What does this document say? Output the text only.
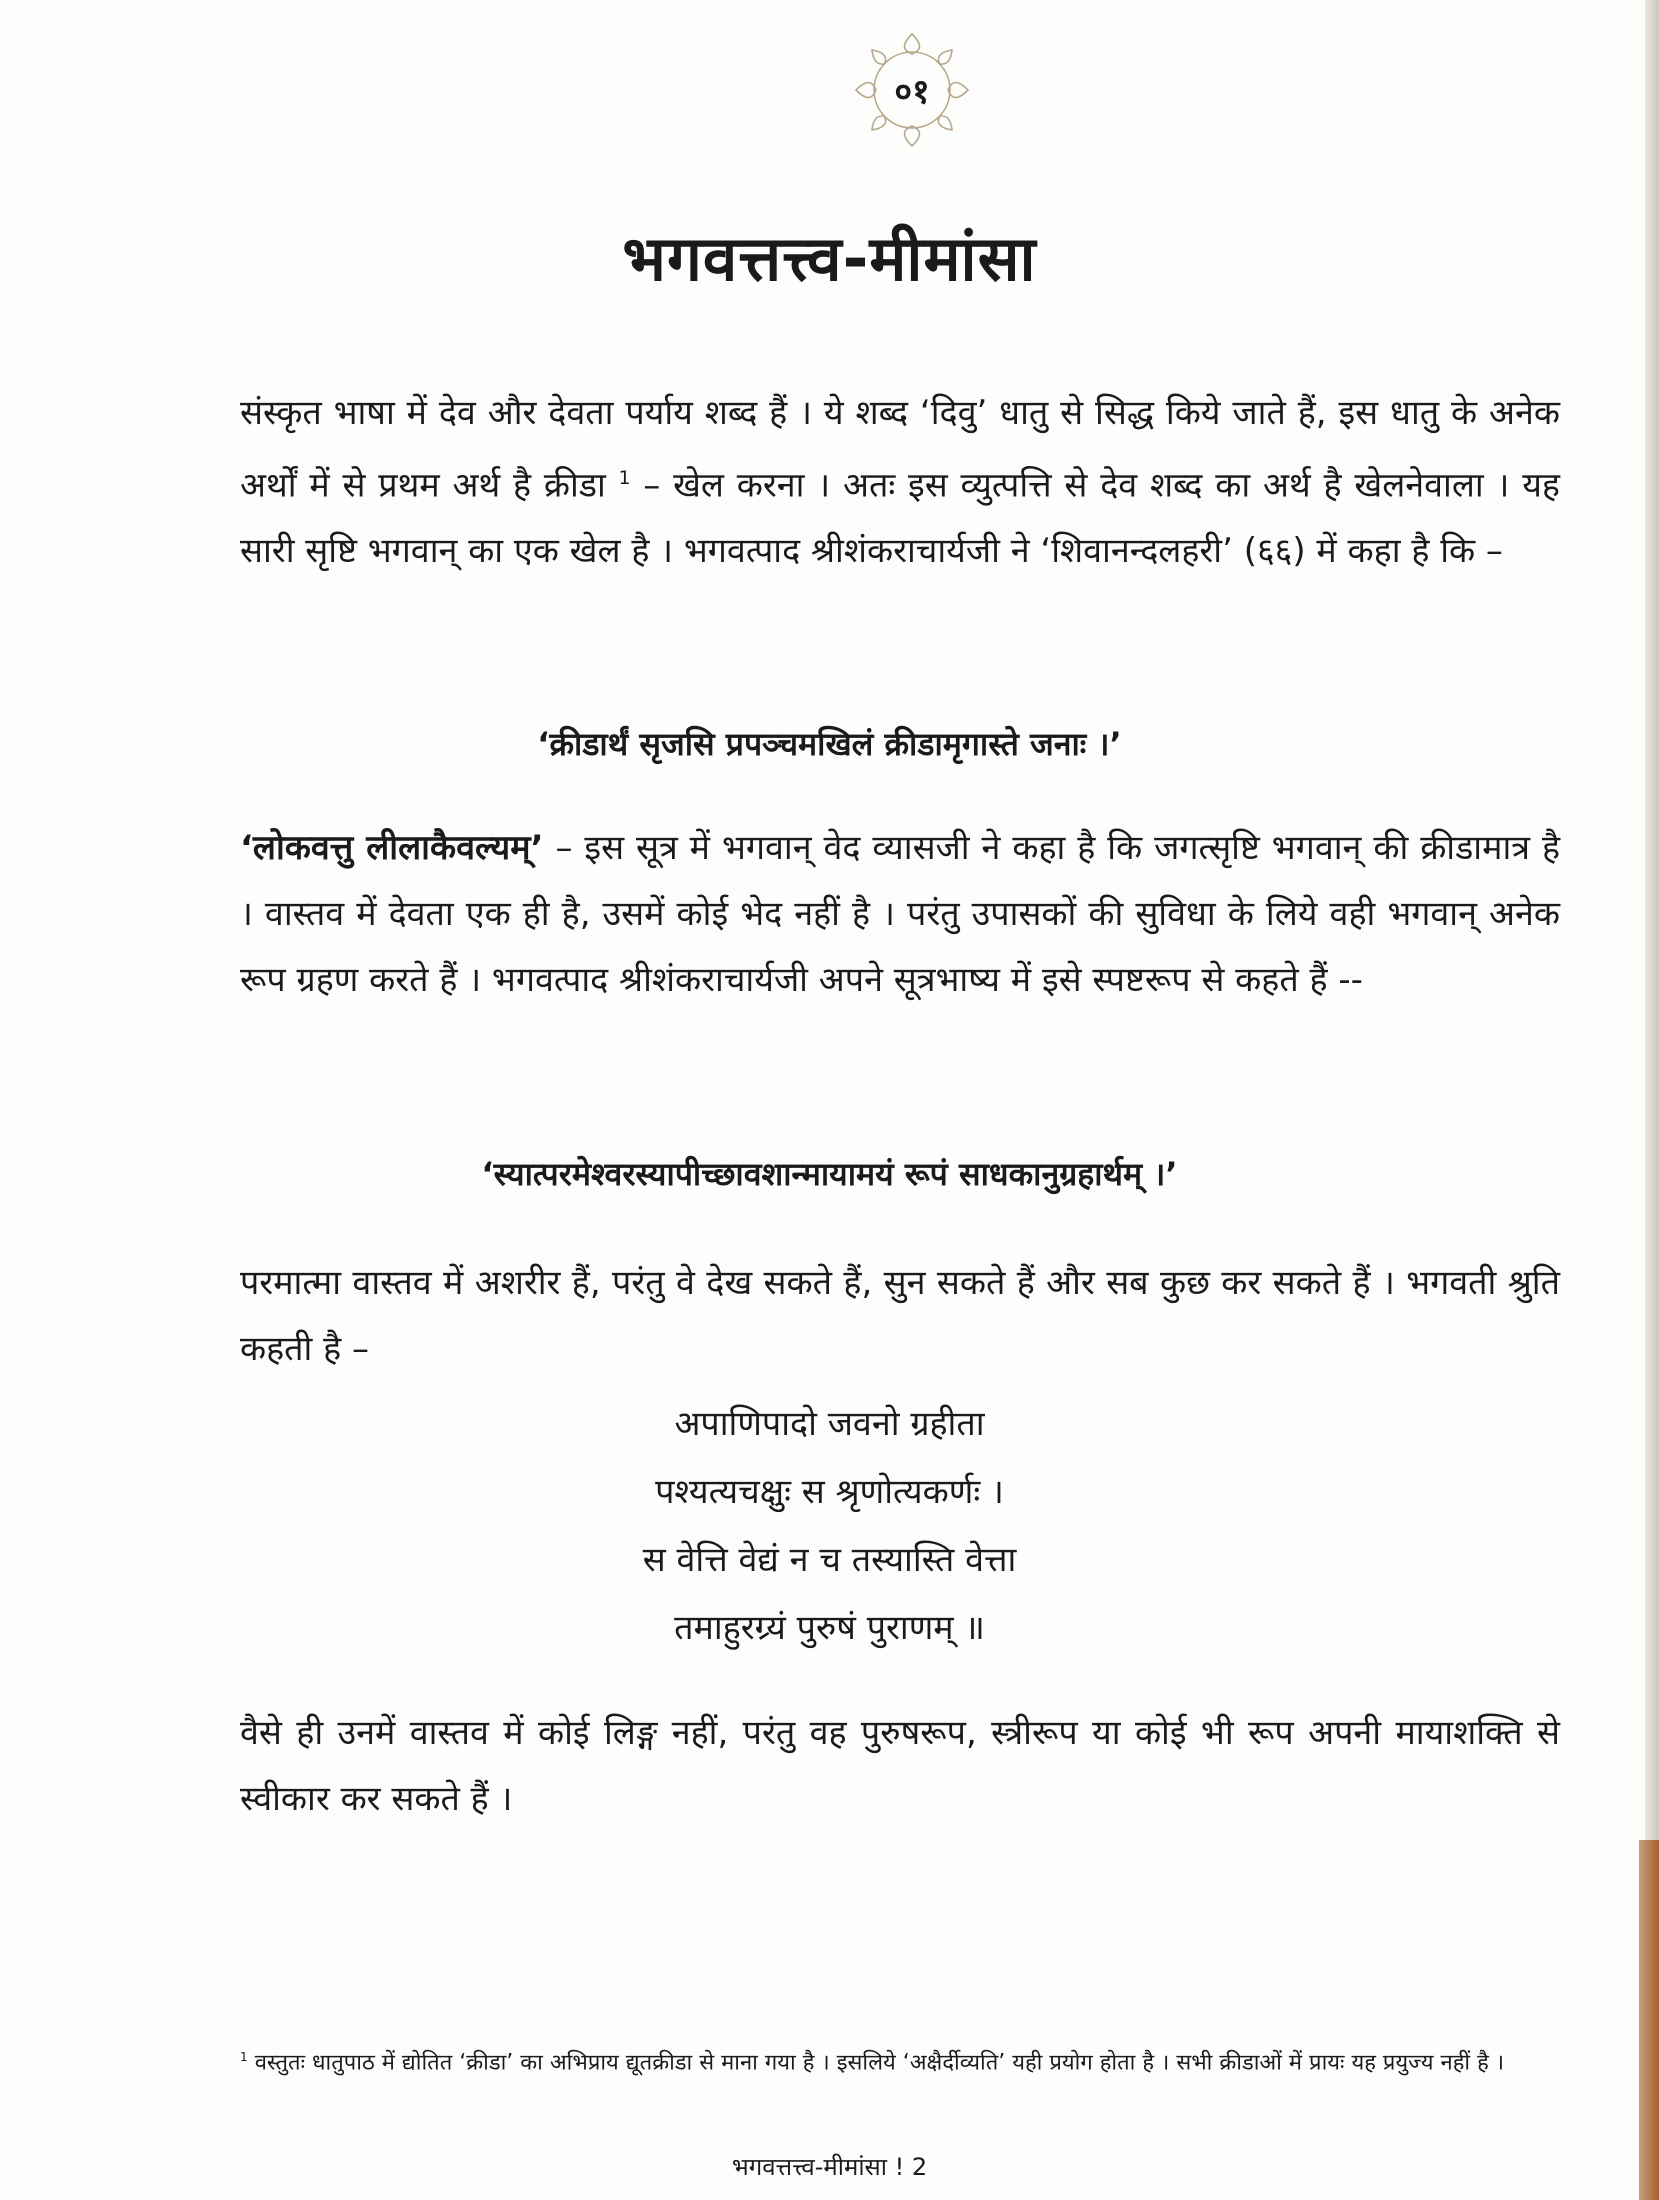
०१
भगवत्तत्त्व-मीमांसा
संस्कृत भाषा में देव और देवता पर्याय शब्द हैं । ये शब्द ‘दिवु’ धातु से सिद्ध किये जाते हैं, इस धातु के अनेक अर्थों में से प्रथम अर्थ है क्रीडा $^1$ – खेल करना । अतः इस व्युत्पत्ति से देव शब्द का अर्थ है खेलनेवाला । यह सारी सृष्टि भगवान् का एक खेल है । भगवत्पाद श्रीशंकराचार्यजी ने ‘शिवानन्दलहरी’ (६६) में कहा है कि –
‘क्रीडार्थं सृजसि प्रपञ्चमखिलं क्रीडामृगास्ते जनाः ।’
‘लोकवत्तु लीलाकैवल्यम्’ – इस सूत्र में भगवान् वेद व्यासजी ने कहा है कि जगत्सृष्टि भगवान् की क्रीडामात्र है । वास्तव में देवता एक ही है, उसमें कोई भेद नहीं है । परंतु उपासकों की सुविधा के लिये वही भगवान् अनेक रूप ग्रहण करते हैं । भगवत्पाद श्रीशंकराचार्यजी अपने सूत्रभाष्य में इसे स्पष्टरूप से कहते हैं --
‘स्यात्परमेश्वरस्यापीच्छावशान्मायामयं रूपं साधकानुग्रहार्थम् ।’
परमात्मा वास्तव में अशरीर हैं, परंतु वे देख सकते हैं, सुन सकते हैं और सब कुछ कर सकते हैं । भगवती श्रुति कहती है –
अपाणिपादो जवनो ग्रहीता
पश्यत्यचक्षुः स श्रृणोत्यकर्णः ।
स वेत्ति वेद्यं न च तस्यास्ति वेत्ता
तमाहुरग्र्यं पुरुषं पुराणम् ॥
वैसे ही उनमें वास्तव में कोई लिङ्ग नहीं, परंतु वह पुरुषरूप, स्त्रीरूप या कोई भी रूप अपनी मायाशक्ति से स्वीकार कर सकते हैं ।
$^1$ वस्तुतः धातुपाठ में द्योतित ‘क्रीडा’ का अभिप्राय द्यूतक्रीडा से माना गया है । इसलिये ‘अक्षैर्दीव्यति’ यही प्रयोग होता है । सभी क्रीडाओं में प्रायः यह प्रयुज्य नहीं है ।
भगवत्तत्त्व-मीमांसा ! 2
